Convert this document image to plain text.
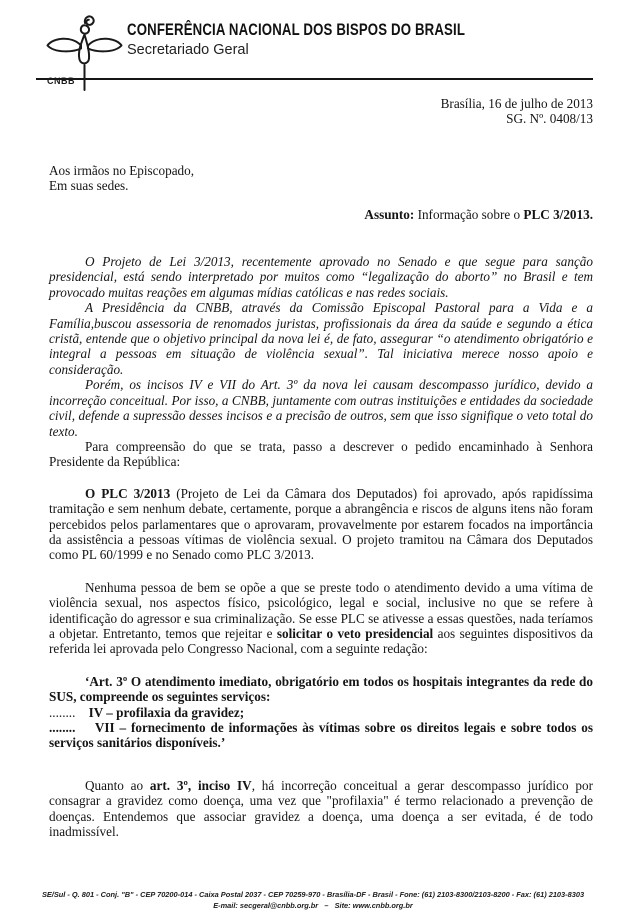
CNBB
CONFERÊNCIA NACIONAL DOS BISPOS DO BRASIL
Secretariado Geral
Brasília, 16 de julho de 2013
SG. Nº. 0408/13
Aos irmãos no Episcopado,
Em suas sedes.
Assunto: Informação sobre o PLC 3/2013.

O Projeto de Lei 3/2013, recentemente aprovado no Senado e que segue para sanção presidencial, está sendo interpretado por muitos como “legalização do aborto” no Brasil e tem provocado muitas reações em algumas mídias católicas e nas redes sociais.

A Presidência da CNBB, através da Comissão Episcopal Pastoral para a Vida e a Família,buscou assessoria de renomados juristas, profissionais da área da saúde e segundo a ética cristã, entende que o objetivo principal da nova lei é, de fato, assegurar “o atendimento obrigatório e integral a pessoas em situação de violência sexual”. Tal iniciativa merece nosso apoio e consideração.

Porém, os incisos IV e VII do Art. 3º da nova lei causam descompasso jurídico, devido a incorreção conceitual. Por isso, a CNBB, juntamente com outras instituições e entidades da sociedade civil, defende a supressão desses incisos e a precisão de outros, sem que isso signifique o veto total do texto.

Para compreensão do que se trata, passo a descrever o pedido encaminhado à Senhora Presidente da República:

O PLC 3/2013 (Projeto de Lei da Câmara dos Deputados) foi aprovado, após rapidíssima tramitação e sem nenhum debate, certamente, porque a abrangência e riscos de alguns itens não foram percebidos pelos parlamentares que o aprovaram, provavelmente por estarem focados na importância da assistência a pessoas vítimas de violência sexual. O projeto tramitou na Câmara dos Deputados como PL 60/1999 e no Senado como PLC 3/2013.

Nenhuma pessoa de bem se opõe a que se preste todo o atendimento devido a uma vítima de violência sexual, nos aspectos físico, psicológico, legal e social, inclusive no que se refere à identificação do agressor e sua criminalização. Se esse PLC se ativesse a essas questões, nada teríamos a objetar. Entretanto, temos que rejeitar e solicitar o veto presidencial aos seguintes dispositivos da referida lei aprovada pelo Congresso Nacional, com a seguinte redação:

‘Art. 3º O atendimento imediato, obrigatório em todos os hospitais integrantes da rede do SUS, compreende os seguintes serviços:

........    IV – profilaxia da gravidez;

........    VII – fornecimento de informações às vítimas sobre os direitos legais e sobre todos os serviços sanitários disponíveis.’

Quanto ao art. 3º, inciso IV, há incorreção conceitual a gerar descompasso jurídico por consagrar a gravidez como doença, uma vez que "profilaxia" é termo relacionado a prevenção de doenças. Entendemos que associar gravidez a doença, uma doença a ser evitada, é de todo inadmissível.

SE/Sul - Q. 801 - Conj. "B" - CEP 70200-014 - Caixa Postal 2037 - CEP 70259-970 - Brasília-DF - Brasil - Fone: (61) 2103-8300/2103-8200 - Fax: (61) 2103-8303
E-mail: secgeral@cnbb.org.br   –   Site: www.cnbb.org.br
